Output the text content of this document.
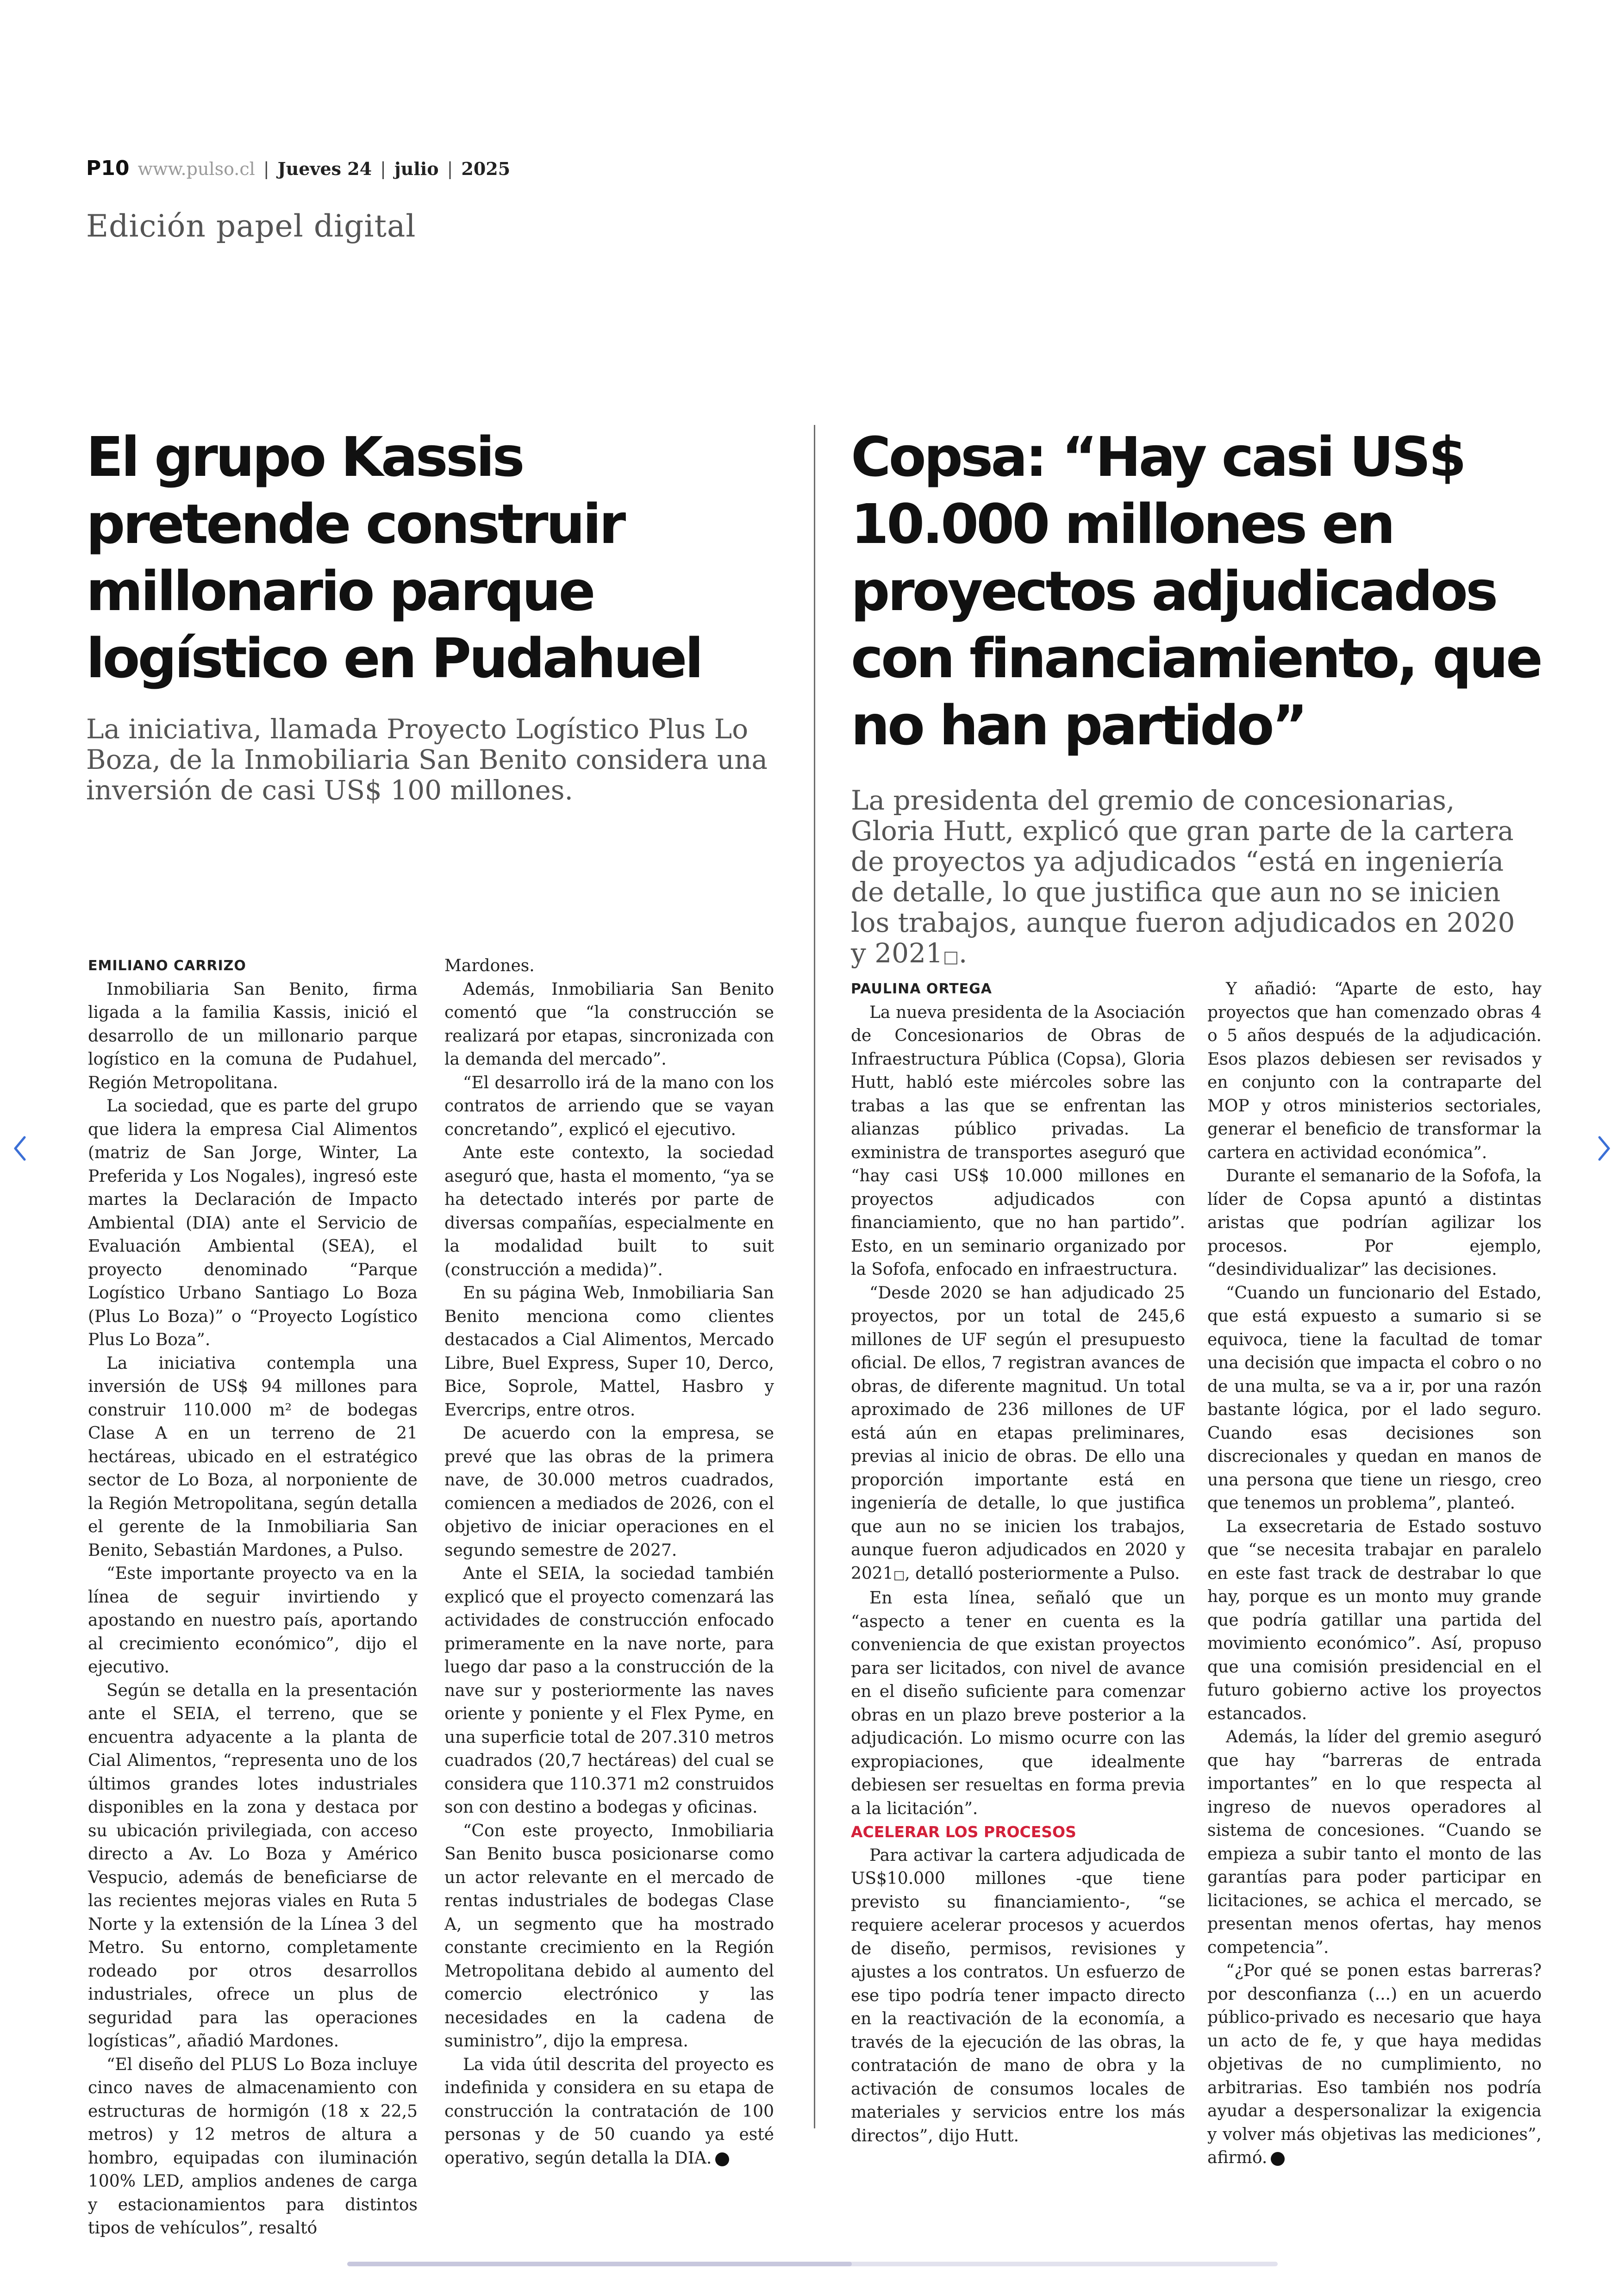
P10 www.pulso.cl | Jueves 24 | julio | 2025
Edición papel digital
El grupo Kassis pretende construir millonario parque logístico en Pudahuel

La iniciativa, llamada Proyecto Logístico Plus Lo Boza, de la Inmobiliaria San Benito considera una inversión de casi US$ 100 millones.

EMILIANO CARRIZO

Inmobiliaria San Benito, firma ligada a la familia Kassis, inició el desarrollo de un millonario parque logístico en la comuna de Pudahuel, Región Metropolitana.

La sociedad, que es parte del grupo que lidera la empresa Cial Alimentos (matriz de San Jorge, Winter, La Preferida y Los Nogales), ingresó este martes la Declaración de Impacto Ambiental (DIA) ante el Servicio de Evaluación Ambiental (SEA), el proyecto denominado “Parque Logístico Urbano Santiago Lo Boza (Plus Lo Boza)” o “Proyecto Logístico Plus Lo Boza”.

La iniciativa contempla una inversión de US$ 94 millones para construir 110.000 m² de bodegas Clase A en un terreno de 21 hectáreas, ubicado en el estratégico sector de Lo Boza, al norponiente de la Región Metropolitana, según detalla el gerente de la Inmobiliaria San Benito, Sebastián Mardones, a Pulso.

“Este importante proyecto va en la línea de seguir invirtiendo y apostando en nuestro país, aportando al crecimiento económico”, dijo el ejecutivo.

Según se detalla en la presentación ante el SEIA, el terreno, que se encuentra adyacente a la planta de Cial Alimentos, “representa uno de los últimos grandes lotes industriales disponibles en la zona y destaca por su ubicación privilegiada, con acceso directo a Av. Lo Boza y Américo Vespucio, además de beneficiarse de las recientes mejoras viales en Ruta 5 Norte y la extensión de la Línea 3 del Metro. Su entorno, completamente rodeado por otros desarrollos industriales, ofrece un plus de seguridad para las operaciones logísticas”, añadió Mardones.

“El diseño del PLUS Lo Boza incluye cinco naves de almacenamiento con estructuras de hormigón (18 x 22,5 metros) y 12 metros de altura a hombro, equipadas con iluminación 100% LED, amplios andenes de carga y estacionamientos para distintos tipos de vehículos”, resaltó

Mardones.

Además, Inmobiliaria San Benito comentó que “la construcción se realizará por etapas, sincronizada con la demanda del mercado”.

“El desarrollo irá de la mano con los contratos de arriendo que se vayan concretando”, explicó el ejecutivo.

Ante este contexto, la sociedad aseguró que, hasta el momento, “ya se ha detectado interés por parte de diversas compañías, especialmente en la modalidad built to suit (construcción a medida)”.

En su página Web, Inmobiliaria San Benito menciona como clientes destacados a Cial Alimentos, Mercado Libre, Buel Express, Super 10, Derco, Bice, Soprole, Mattel, Hasbro y Evercrips, entre otros.

De acuerdo con la empresa, se prevé que las obras de la primera nave, de 30.000 metros cuadrados, comiencen a mediados de 2026, con el objetivo de iniciar operaciones en el segundo semestre de 2027.

Ante el SEIA, la sociedad también explicó que el proyecto comenzará las actividades de construcción enfocado primeramente en la nave norte, para luego dar paso a la construcción de la nave sur y posteriormente las naves oriente y poniente y el Flex Pyme, en una superficie total de 207.310 metros cuadrados (20,7 hectáreas) del cual se considera que 110.371 m2 construidos son con destino a bodegas y oficinas.

“Con este proyecto, Inmobiliaria San Benito busca posicionarse como un actor relevante en el mercado de rentas industriales de bodegas Clase A, un segmento que ha mostrado constante crecimiento en la Región Metropolitana debido al aumento del comercio electrónico y las necesidades en la cadena de suministro”, dijo la empresa.

La vida útil descrita del proyecto es indefinida y considera en su etapa de construcción la contratación de 100 personas y de 50 cuando ya esté operativo, según detalla la DIA. P

Copsa: “Hay casi US$ 10.000 millones en proyectos adjudicados con financiamiento, que no han partido”

La presidenta del gremio de concesionarias, Gloria Hutt, explicó que gran parte de la cartera de proyectos ya adjudicados “está en ingeniería de detalle, lo que justifica que aun no se inicien los trabajos, aunque fueron adjudicados en 2020 y 2021□.

PAULINA ORTEGA

La nueva presidenta de la Asociación de Concesionarios de Obras de Infraestructura Pública (Copsa), Gloria Hutt, habló este miércoles sobre las trabas a las que se enfrentan las alianzas público privadas. La exministra de transportes aseguró que “hay casi US$ 10.000 millones en proyectos adjudicados con financiamiento, que no han partido”. Esto, en un seminario organizado por la Sofofa, enfocado en infraestructura.

“Desde 2020 se han adjudicado 25 proyectos, por un total de 245,6 millones de UF según el presupuesto oficial. De ellos, 7 registran avances de obras, de diferente magnitud. Un total aproximado de 236 millones de UF está aún en etapas preliminares, previas al inicio de obras. De ello una proporción importante está en ingeniería de detalle, lo que justifica que aun no se inicien los trabajos, aunque fueron adjudicados en 2020 y 2021□, detalló posteriormente a Pulso.

En esta línea, señaló que un “aspecto a tener en cuenta es la conveniencia de que existan proyectos para ser licitados, con nivel de avance en el diseño suficiente para comenzar obras en un plazo breve posterior a la adjudicación. Lo mismo ocurre con las expropiaciones, que idealmente debiesen ser resueltas en forma previa a la licitación”.

ACELERAR LOS PROCESOS

Para activar la cartera adjudicada de US$10.000 millones -que tiene previsto su financiamiento-, “se requiere acelerar procesos y acuerdos de diseño, permisos, revisiones y ajustes a los contratos. Un esfuerzo de ese tipo podría tener impacto directo en la reactivación de la economía, a través de la ejecución de las obras, la contratación de mano de obra y la activación de consumos locales de materiales y servicios entre los más directos”, dijo Hutt.

Y añadió: “Aparte de esto, hay proyectos que han comenzado obras 4 o 5 años después de la adjudicación. Esos plazos debiesen ser revisados y en conjunto con la contraparte del MOP y otros ministerios sectoriales, generar el beneficio de transformar la cartera en actividad económica”.

Durante el semanario de la Sofofa, la líder de Copsa apuntó a distintas aristas que podrían agilizar los procesos. Por ejemplo, “desindividualizar” las decisiones.

“Cuando un funcionario del Estado, que está expuesto a sumario si se equivoca, tiene la facultad de tomar una decisión que impacta el cobro o no de una multa, se va a ir, por una razón bastante lógica, por el lado seguro. Cuando esas decisiones son discrecionales y quedan en manos de una persona que tiene un riesgo, creo que tenemos un problema”, planteó.

La exsecretaria de Estado sostuvo que “se necesita trabajar en paralelo en este fast track de destrabar lo que hay, porque es un monto muy grande que podría gatillar una partida del movimiento económico”. Así, propuso que una comisión presidencial en el futuro gobierno active los proyectos estancados.

Además, la líder del gremio aseguró que hay “barreras de entrada importantes” en lo que respecta al ingreso de nuevos operadores al sistema de concesiones. “Cuando se empieza a subir tanto el monto de las garantías para poder participar en licitaciones, se achica el mercado, se presentan menos ofertas, hay menos competencia”.

“¿Por qué se ponen estas barreras? por desconfianza (...) en un acuerdo público-privado es necesario que haya un acto de fe, y que haya medidas objetivas de no cumplimiento, no arbitrarias. Eso también nos podría ayudar a despersonalizar la exigencia y volver más objetivas las mediciones”, afirmó. P
